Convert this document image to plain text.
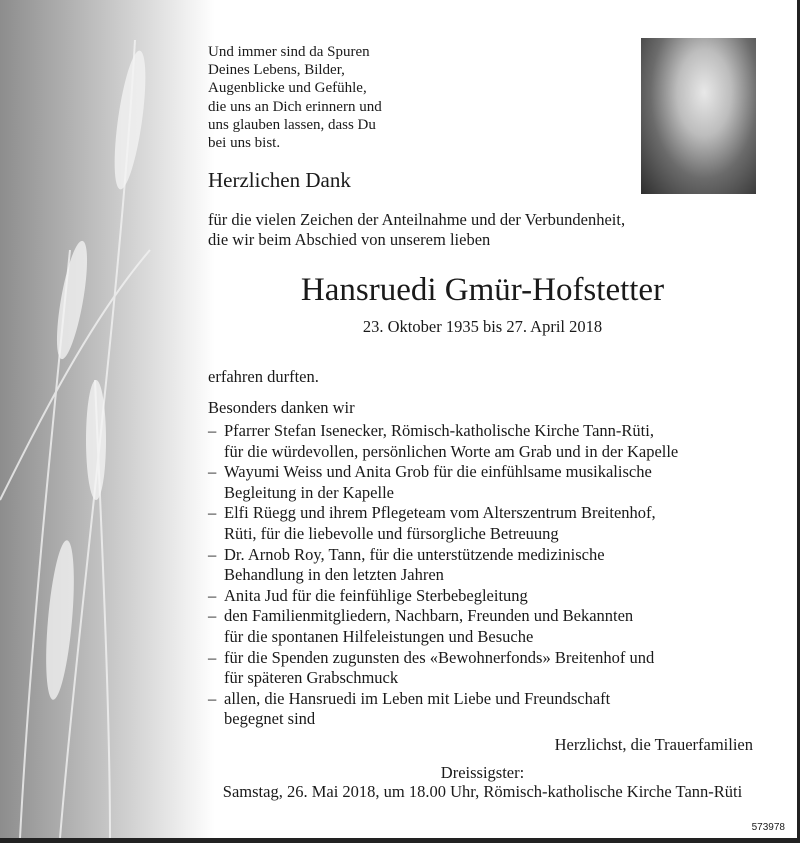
Und immer sind da Spuren
Deines Lebens, Bilder,
Augenblicke und Gefühle,
die uns an Dich erinnern und
uns glauben lassen, dass Du
bei uns bist.
Herzlichen Dank
für die vielen Zeichen der Anteilnahme und der Verbundenheit,
die wir beim Abschied von unserem lieben
Hansruedi Gmür-Hofstetter
23. Oktober 1935 bis 27. April 2018
erfahren durften.
Besonders danken wir
– Pfarrer Stefan Isenecker, Römisch-katholische Kirche Tann-Rüti,
für die würdevollen, persönlichen Worte am Grab und in der Kapelle
– Wayumi Weiss und Anita Grob für die einfühlsame musikalische
Begleitung in der Kapelle
– Elfi Rüegg und ihrem Pflegeteam vom Alterszentrum Breitenhof,
Rüti, für die liebevolle und fürsorgliche Betreuung
– Dr. Arnob Roy, Tann, für die unterstützende medizinische
Behandlung in den letzten Jahren
– Anita Jud für die feinfühlige Sterbebegleitung
– den Familienmitgliedern, Nachbarn, Freunden und Bekannten
für die spontanen Hilfeleistungen und Besuche
– für die Spenden zugunsten des «Bewohnerfonds» Breitenhof und
für späteren Grabschmuck
– allen, die Hansruedi im Leben mit Liebe und Freundschaft
begegnet sind
Herzlichst, die Trauerfamilien
Dreissigster:
Samstag, 26. Mai 2018, um 18.00 Uhr, Römisch-katholische Kirche Tann-Rüti
573978
